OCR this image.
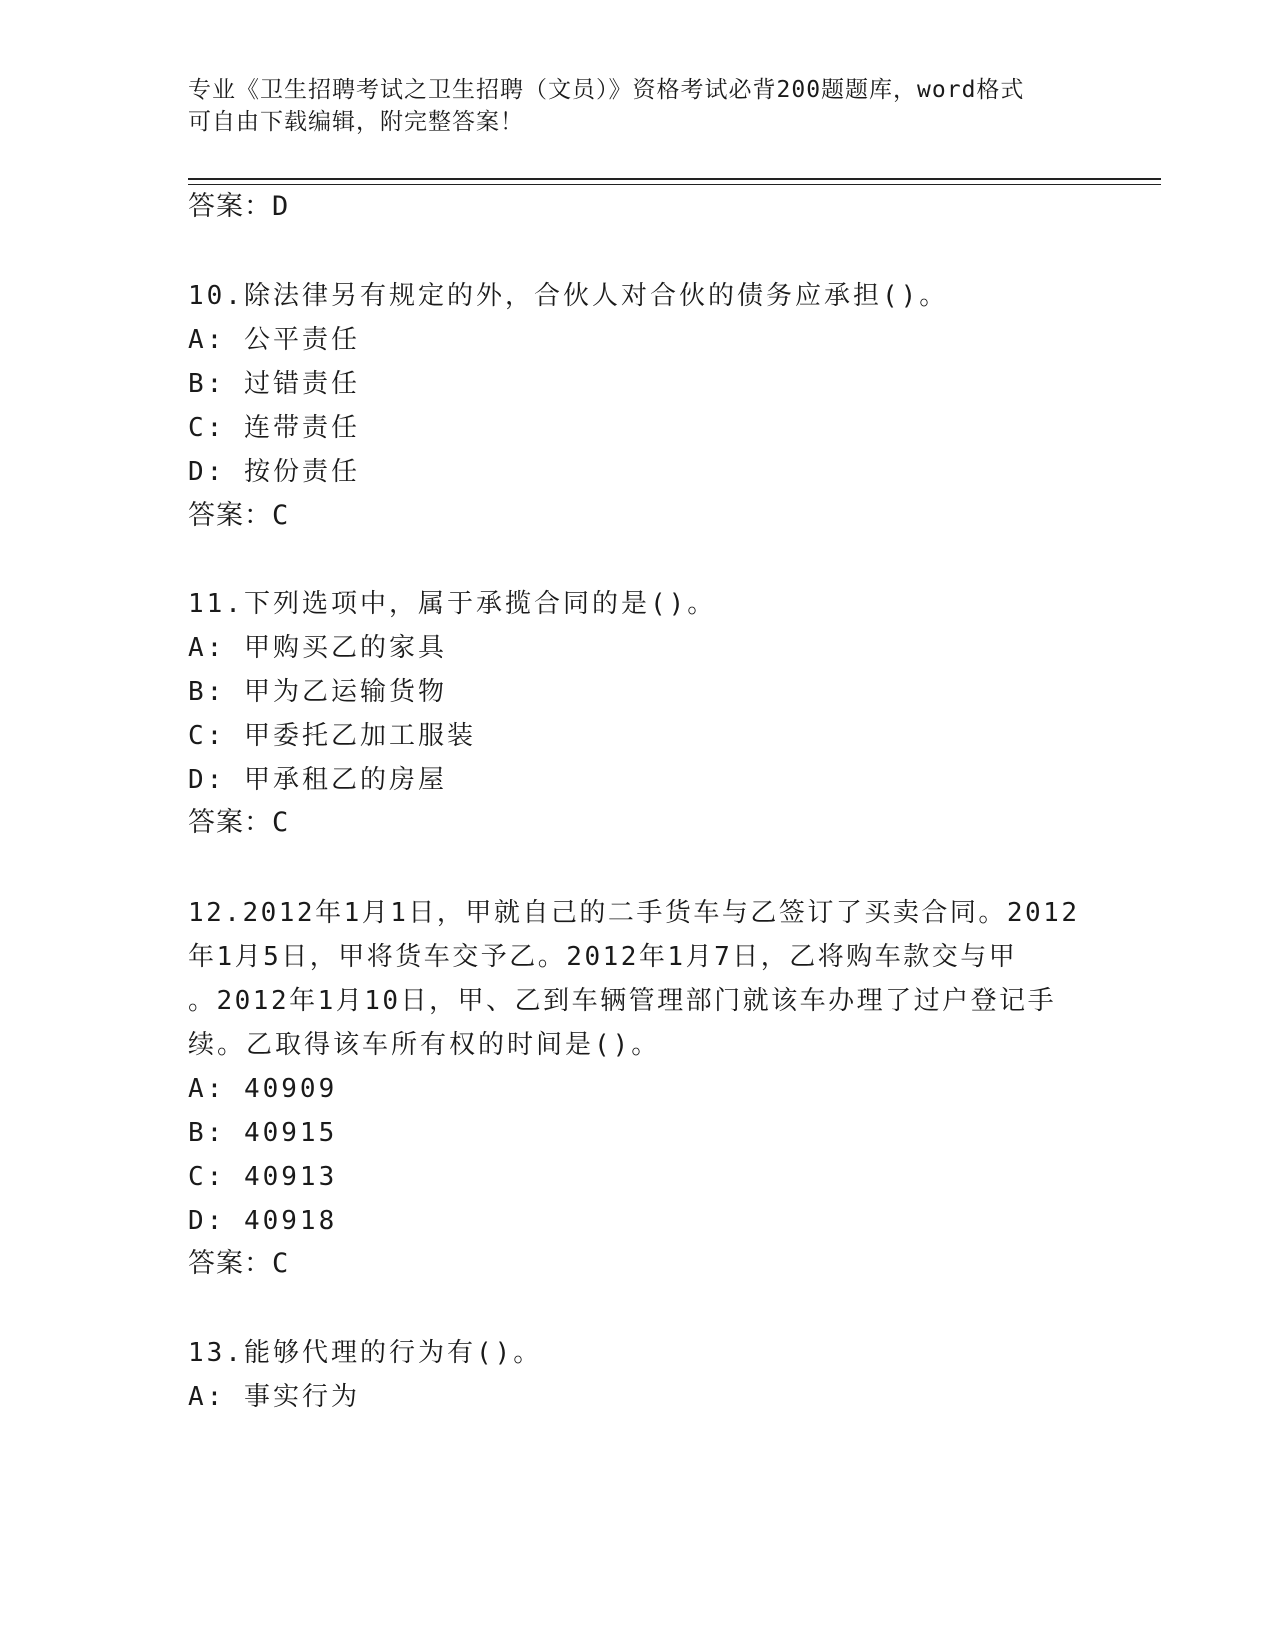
专业《卫生招聘考试之卫生招聘（文员）》资格考试必背200题题库，word格式
可自由下载编辑，附完整答案！
答案：D
10.除法律另有规定的外，合伙人对合伙的债务应承担()。
A: 公平责任
B: 过错责任
C: 连带责任
D: 按份责任
答案：C
11.下列选项中，属于承揽合同的是()。
A: 甲购买乙的家具
B: 甲为乙运输货物
C: 甲委托乙加工服装
D: 甲承租乙的房屋
答案：C
12.2012年1月1日，甲就自己的二手货车与乙签订了买卖合同。2012
年1月5日，甲将货车交予乙。2012年1月7日，乙将购车款交与甲
。2012年1月10日，甲、乙到车辆管理部门就该车办理了过户登记手
续。乙取得该车所有权的时间是()。
A: 40909
B: 40915
C: 40913
D: 40918
答案：C
13.能够代理的行为有()。
A: 事实行为
